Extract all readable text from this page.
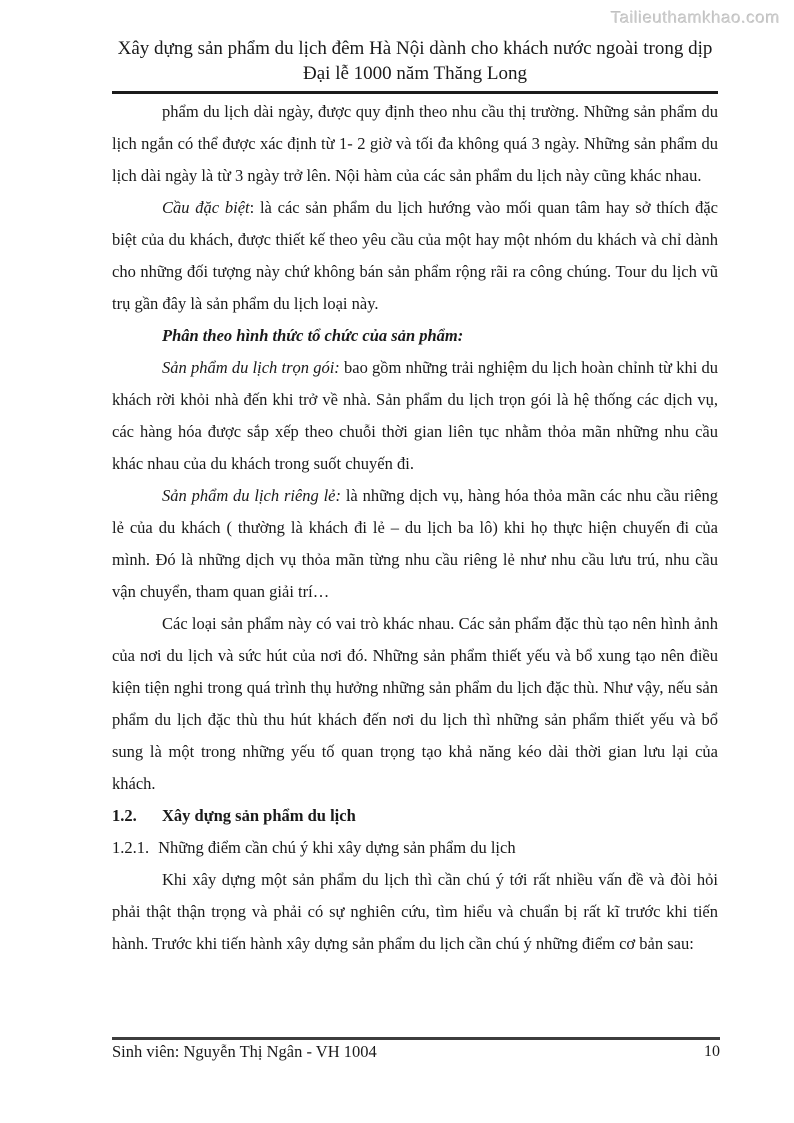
Tailieuthamkhao.com
Xây dựng sản phẩm du lịch đêm Hà Nội dành cho khách nước ngoài trong dịp
Đại lễ 1000 năm Thăng Long

phẩm du lịch dài ngày, được quy định theo nhu cầu thị trường. Những sản phẩm du lịch ngắn có thể được xác định từ 1- 2 giờ và tối đa không quá 3 ngày. Những sản phẩm du lịch dài ngày là từ 3 ngày trở lên. Nội hàm của các sản phẩm du lịch này cũng khác nhau.

Cầu đặc biệt: là các sản phẩm du lịch hướng vào mối quan tâm hay sở thích đặc biệt của du khách, được thiết kế theo yêu cầu của một hay một nhóm du khách và chỉ dành cho những đối tượng này chứ không bán sản phẩm rộng rãi ra công chúng. Tour du lịch vũ trụ gần đây là sản phẩm du lịch loại này.

Phân theo hình thức tổ chức của sản phẩm:

Sản phẩm du lịch trọn gói: bao gồm những trải nghiệm du lịch hoàn chỉnh từ khi du khách rời khỏi nhà đến khi trở về nhà. Sản phẩm du lịch trọn gói là hệ thống các dịch vụ, các hàng hóa được sắp xếp theo chuỗi thời gian liên tục nhằm thỏa mãn những nhu cầu khác nhau của du khách trong suốt chuyến đi.

Sản phẩm du lịch riêng lẻ: là những dịch vụ, hàng hóa thỏa mãn các nhu cầu riêng lẻ của du khách ( thường là khách đi lẻ – du lịch ba lô) khi họ thực hiện chuyến đi của mình. Đó là những dịch vụ thỏa mãn từng nhu cầu riêng lẻ như nhu cầu lưu trú, nhu cầu vận chuyển, tham quan giải trí…

Các loại sản phẩm này có vai trò khác nhau. Các sản phẩm đặc thù tạo nên hình ảnh của nơi du lịch và sức hút của nơi đó. Những sản phẩm thiết yếu và bổ xung tạo nên điều kiện tiện nghi trong quá trình thụ hưởng những sản phẩm du lịch đặc thù. Như vậy, nếu sản phẩm du lịch đặc thù thu hút khách đến nơi du lịch thì những sản phẩm thiết yếu và bổ sung là một trong những yếu tố quan trọng tạo khả năng kéo dài thời gian lưu lại của khách.

1.2. Xây dựng sản phẩm du lịch

1.2.1. Những điểm cần chú ý khi xây dựng sản phẩm du lịch

Khi xây dựng một sản phẩm du lịch thì cần chú ý tới rất nhiều vấn đề và đòi hỏi phải thật thận trọng và phải có sự nghiên cứu, tìm hiểu và chuẩn bị rất kĩ trước khi tiến hành. Trước khi tiến hành xây dựng sản phẩm du lịch cần chú ý những điểm cơ bản sau:

Sinh viên: Nguyễn Thị Ngân - VH 1004	10
